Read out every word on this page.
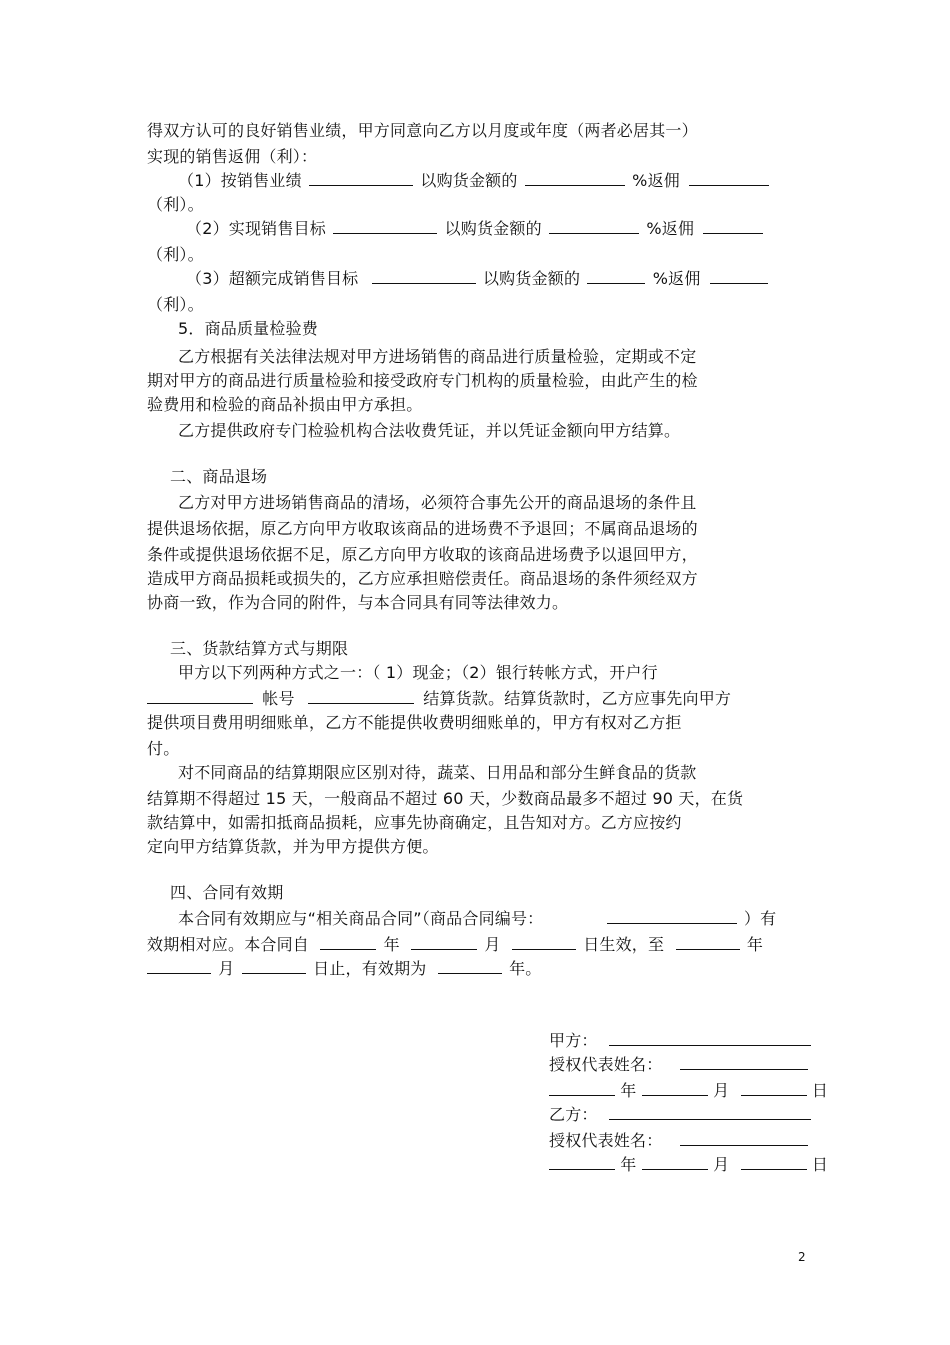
得双方认可的良好销售业绩，甲方同意向乙方以月度或年度（两者必居其一）
实现的销售返佣（利）：
（1）按销售业绩	以购货金额的	%返佣
（利）。
（2）实现销售目标	以购货金额的	%返佣
（利）。
（3）超额完成销售目标	以购货金额的	%返佣
（利）。
5．商品质量检验费
乙方根据有关法律法规对甲方进场销售的商品进行质量检验，定期或不定
期对甲方的商品进行质量检验和接受政府专门机构的质量检验，由此产生的检
验费用和检验的商品补损由甲方承担。
乙方提供政府专门检验机构合法收费凭证，并以凭证金额向甲方结算。
二、商品退场
乙方对甲方进场销售商品的清场，必须符合事先公开的商品退场的条件且
提供退场依据，原乙方向甲方收取该商品的进场费不予退回；不属商品退场的
条件或提供退场依据不足，原乙方向甲方收取的该商品进场费予以退回甲方，
造成甲方商品损耗或损失的，乙方应承担赔偿责任。商品退场的条件须经双方
协商一致，作为合同的附件，与本合同具有同等法律效力。
三、货款结算方式与期限
甲方以下列两种方式之一：（ 1）现金；（2）银行转帐方式，开户行
帐号	结算货款。结算货款时，乙方应事先向甲方
提供项目费用明细账单，乙方不能提供收费明细账单的，甲方有权对乙方拒
付。
对不同商品的结算期限应区别对待，蔬菜、日用品和部分生鲜食品的货款
结算期不得超过 15 天，一般商品不超过 60 天，少数商品最多不超过 90 天，在货
款结算中，如需扣抵商品损耗，应事先协商确定，且告知对方。乙方应按约
定向甲方结算货款，并为甲方提供方便。
四、合同有效期
本合同有效期应与“相关商品合同”（商品合同编号：	）有
效期相对应。本合同自	年	月	日生效，至	年
月	日止，有效期为	年。
甲方：
授权代表姓名：
年	月	日
乙方：
授权代表姓名：
年	月	日
2
